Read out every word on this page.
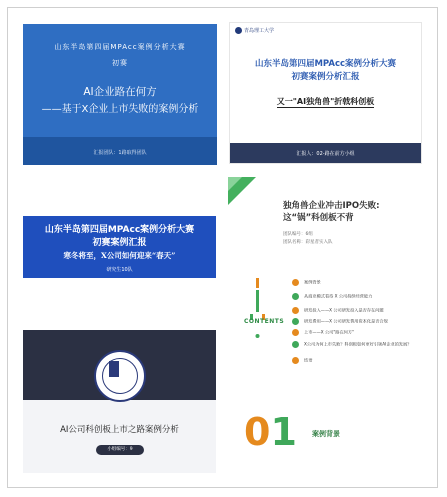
山东半岛第四届MPAcc案例分析大赛
初赛
AI企业路在何方
——基于X企业上市失败的案例分析
汇报团队：1路取得团队
青岛理工大学
山东半岛第四届MPAcc案例分析大赛
初赛案例分析汇报
又一"AI独角兽"折戟科创板
汇报人：02-路在前方小组
山东半岛第四届MPAcc案例分析大赛
初赛案例汇报
寒冬将至，X公司如何迎来“春天”
研究生10队
独角兽企业冲击IPO失败:
这“锅”科创板不背
团队编号：6组
团队名称：彩星者实入队
CONTENTS
案例背景
从商业模式看待 X 公司持续经营能力
研发投入——X 公司研发投入是否存在问题
研发费用——X 公司研发费用资本化是否合规
上市——X 公司"路在何方"
X公司为何上市失败？科创板如何更好引领AI企业的发展？
结语
AI公司科创板上市之路案例分析
小组编号：9	01 案例背景
